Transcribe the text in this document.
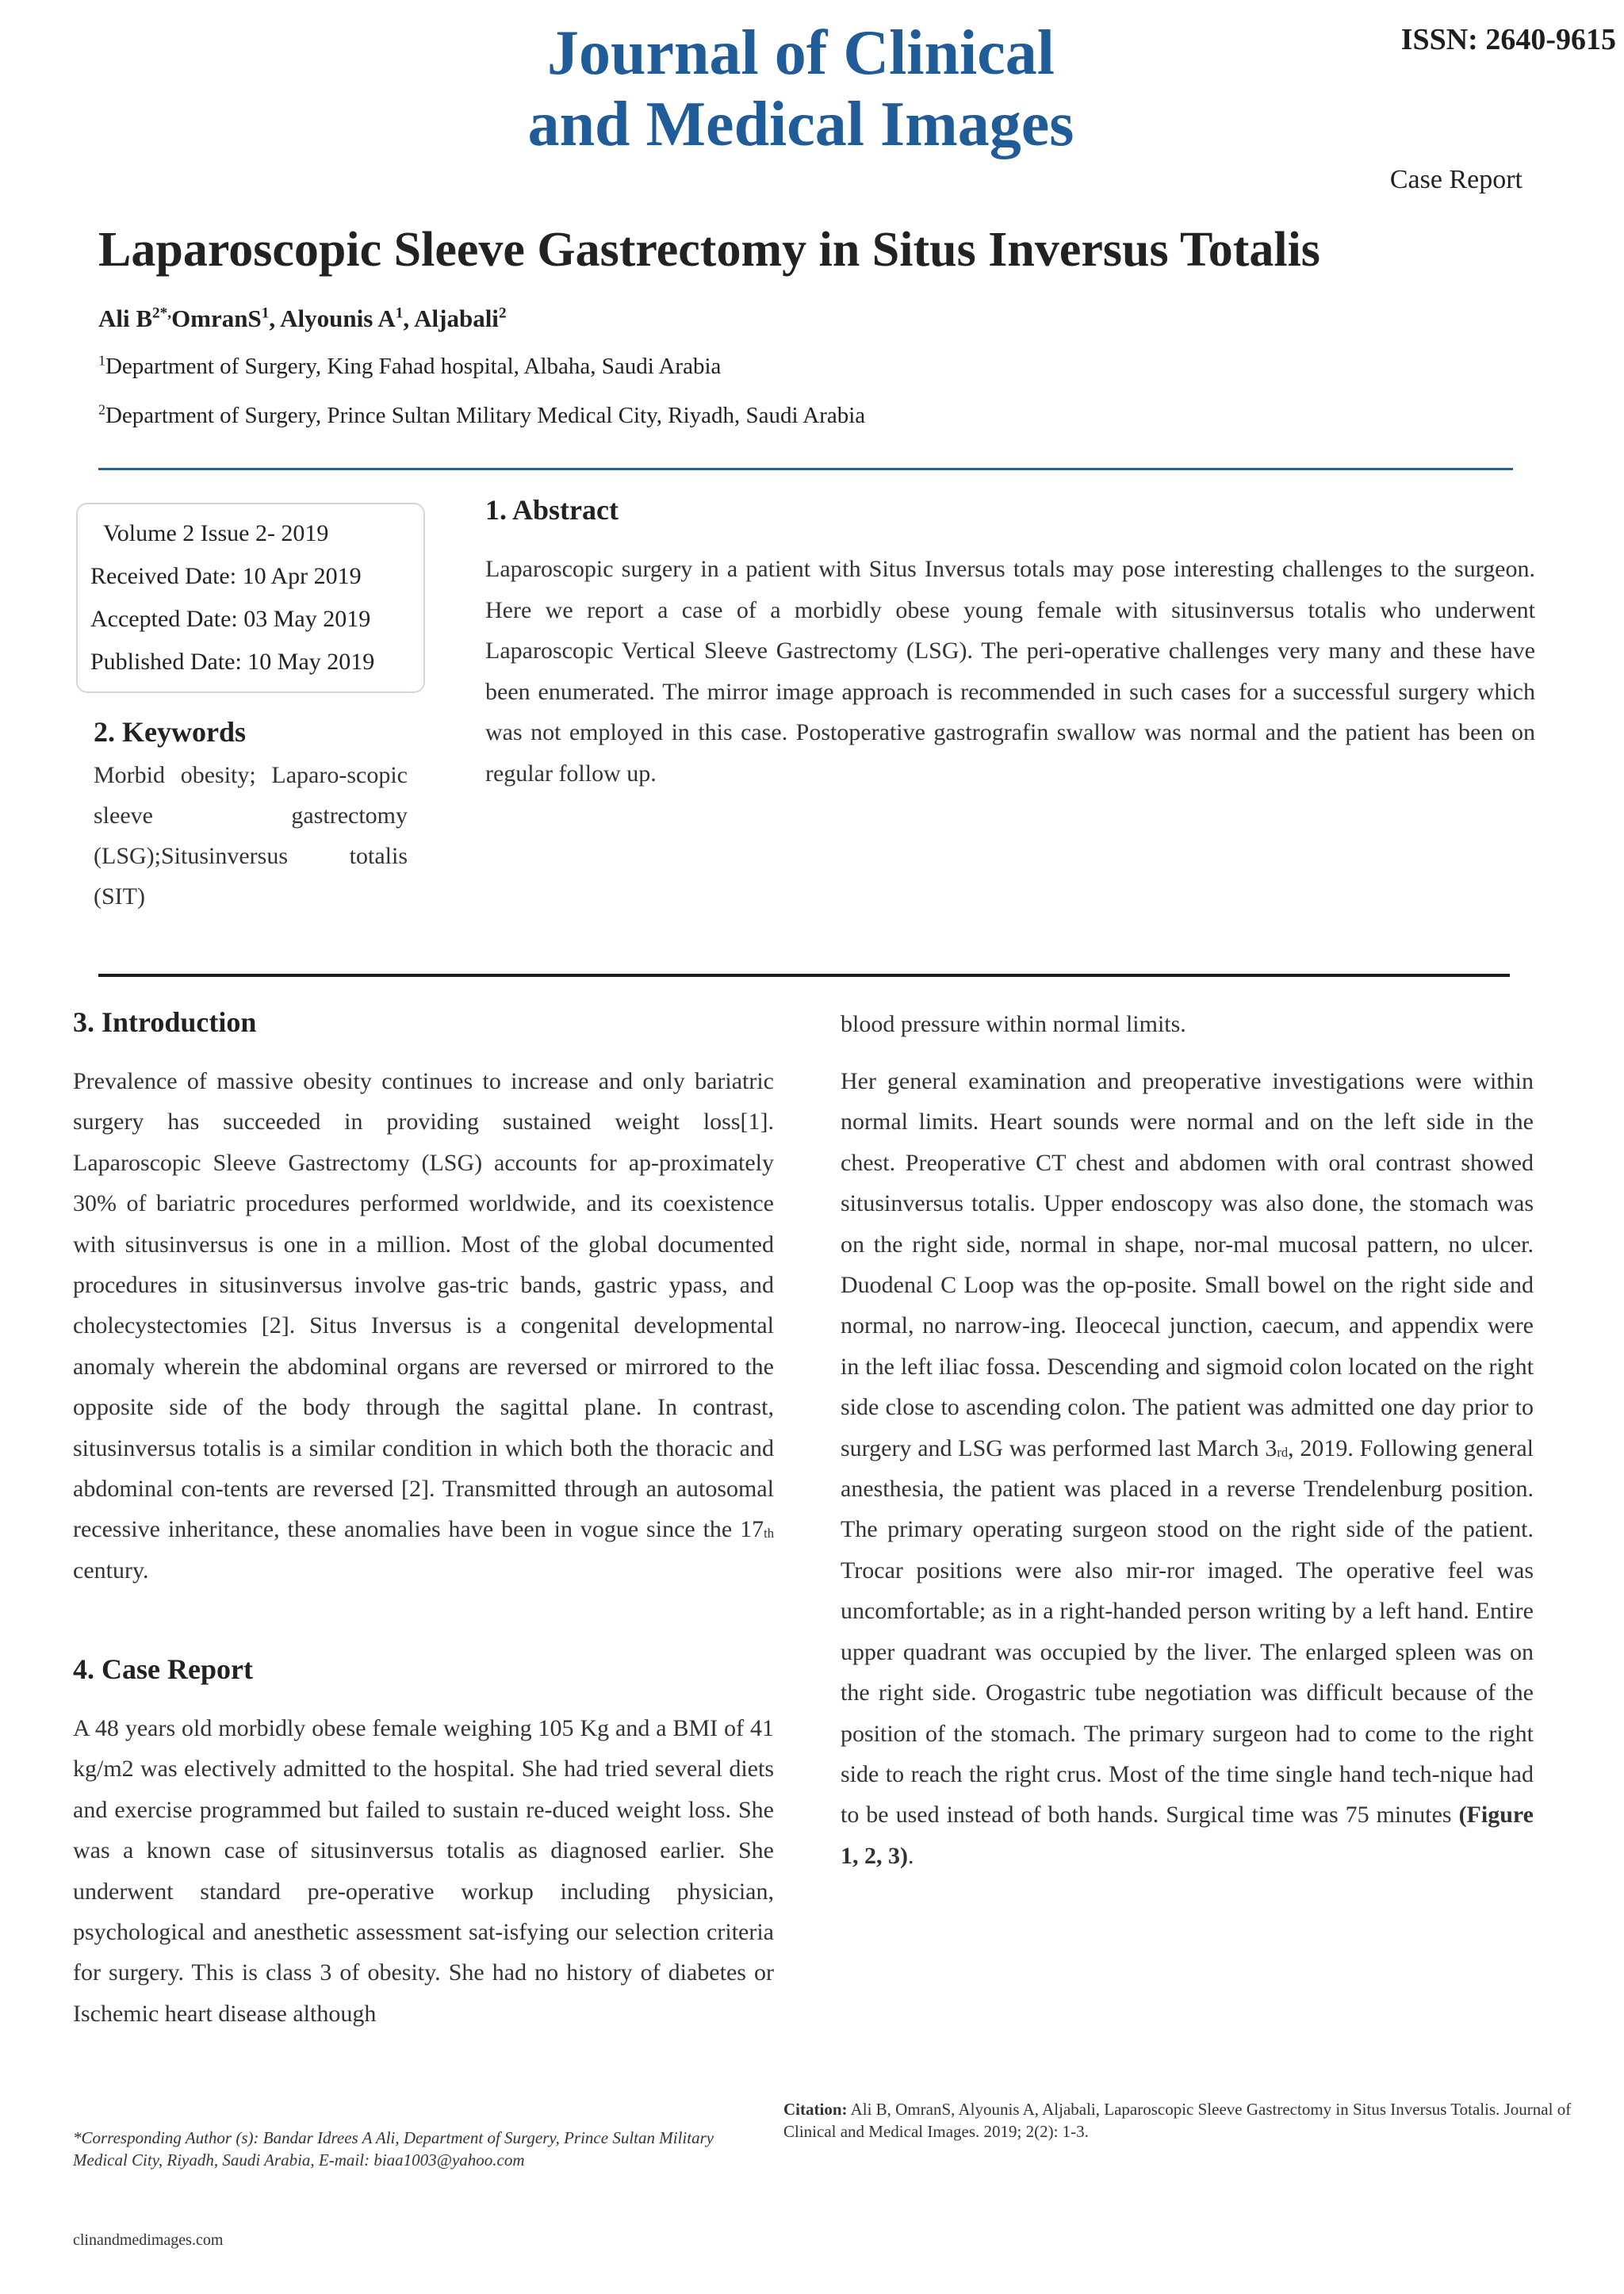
Journal of Clinical
and Medical Images
ISSN: 2640-9615
Case Report
Laparoscopic Sleeve Gastrectomy in Situs Inversus Totalis
Ali $B^{2*,}OmranS^1$, Alyounis $A^1$, Aljabali$^2$
$^1$Department of Surgery, King Fahad hospital, Albaha, Saudi Arabia
$^2$Department of Surgery, Prince Sultan Military Medical City, Riyadh, Saudi Arabia
Volume 2 Issue 2- 2019
Received Date: 10 Apr 2019
Accepted Date: 03 May 2019
Published Date: 10 May 2019
2. Keywords
Morbid obesity; Laparo-scopic sleeve gastrectomy (LSG);Situsinversus totalis (SIT)
1. Abstract
Laparoscopic surgery in a patient with Situs Inversus totals may pose interesting challenges to the surgeon. Here we report a case of a morbidly obese young female with situsinversus totalis who underwent Laparoscopic Vertical Sleeve Gastrectomy (LSG). The peri-operative challenges very many and these have been enumerated. The mirror image approach is recommended in such cases for a successful surgery which was not employed in this case. Postoperative gastrografin swallow was normal and the patient has been on regular follow up.
3. Introduction

Prevalence of massive obesity continues to increase and only bariatric surgery has succeeded in providing sustained weight loss[1]. Laparoscopic Sleeve Gastrectomy (LSG) accounts for ap-proximately 30% of bariatric procedures performed worldwide, and its coexistence with situsinversus is one in a million. Most of the global documented procedures in situsinversus involve gas-tric bands, gastric ypass, and cholecystectomies [2]. Situs Inversus is a congenital developmental anomaly wherein the abdominal organs are reversed or mirrored to the opposite side of the body through the sagittal plane. In contrast, situsinversus totalis is a similar condition in which both the thoracic and abdominal con-tents are reversed [2]. Transmitted through an autosomal recessive inheritance, these anomalies have been in vogue since the $17_{th}$ century.

4. Case Report

A 48 years old morbidly obese female weighing 105 Kg and a BMI of 41 kg/m2 was electively admitted to the hospital. She had tried several diets and exercise programmed but failed to sustain re-duced weight loss. She was a known case of situsinversus totalis as diagnosed earlier. She underwent standard pre-operative workup including physician, psychological and anesthetic assessment sat-isfying our selection criteria for surgery. This is class 3 of obesity. She had no history of diabetes or Ischemic heart disease although

blood pressure within normal limits.

Her general examination and preoperative investigations were within normal limits. Heart sounds were normal and on the left side in the chest. Preoperative CT chest and abdomen with oral contrast showed situsinversus totalis. Upper endoscopy was also done, the stomach was on the right side, normal in shape, nor-mal mucosal pattern, no ulcer. Duodenal C Loop was the op-posite. Small bowel on the right side and normal, no narrow-ing. Ileocecal junction, caecum, and appendix were in the left iliac fossa. Descending and sigmoid colon located on the right side close to ascending colon. The patient was admitted one day prior to surgery and LSG was performed last March $3_{rd}$, 2019. Following general anesthesia, the patient was placed in a reverse Trendelenburg position. The primary operating surgeon stood on the right side of the patient. Trocar positions were also mir-ror imaged. The operative feel was uncomfortable; as in a right-handed person writing by a left hand. Entire upper quadrant was occupied by the liver. The enlarged spleen was on the right side. Orogastric tube negotiation was difficult because of the position of the stomach. The primary surgeon had to come to the right side to reach the right crus. Most of the time single hand tech-nique had to be used instead of both hands. Surgical time was 75 minutes (Figure 1, 2, 3).

*Corresponding Author (s): Bandar Idrees A Ali, Department of Surgery, Prince Sultan Military Medical City, Riyadh, Saudi Arabia, E-mail: biaa1003@yahoo.com
Citation: Ali B, OmranS, Alyounis A, Aljabali, Laparoscopic Sleeve Gastrectomy in Situs Inversus Totalis. Journal of Clinical and Medical Images. 2019; 2(2): 1-3.
clinandmedimages.com
